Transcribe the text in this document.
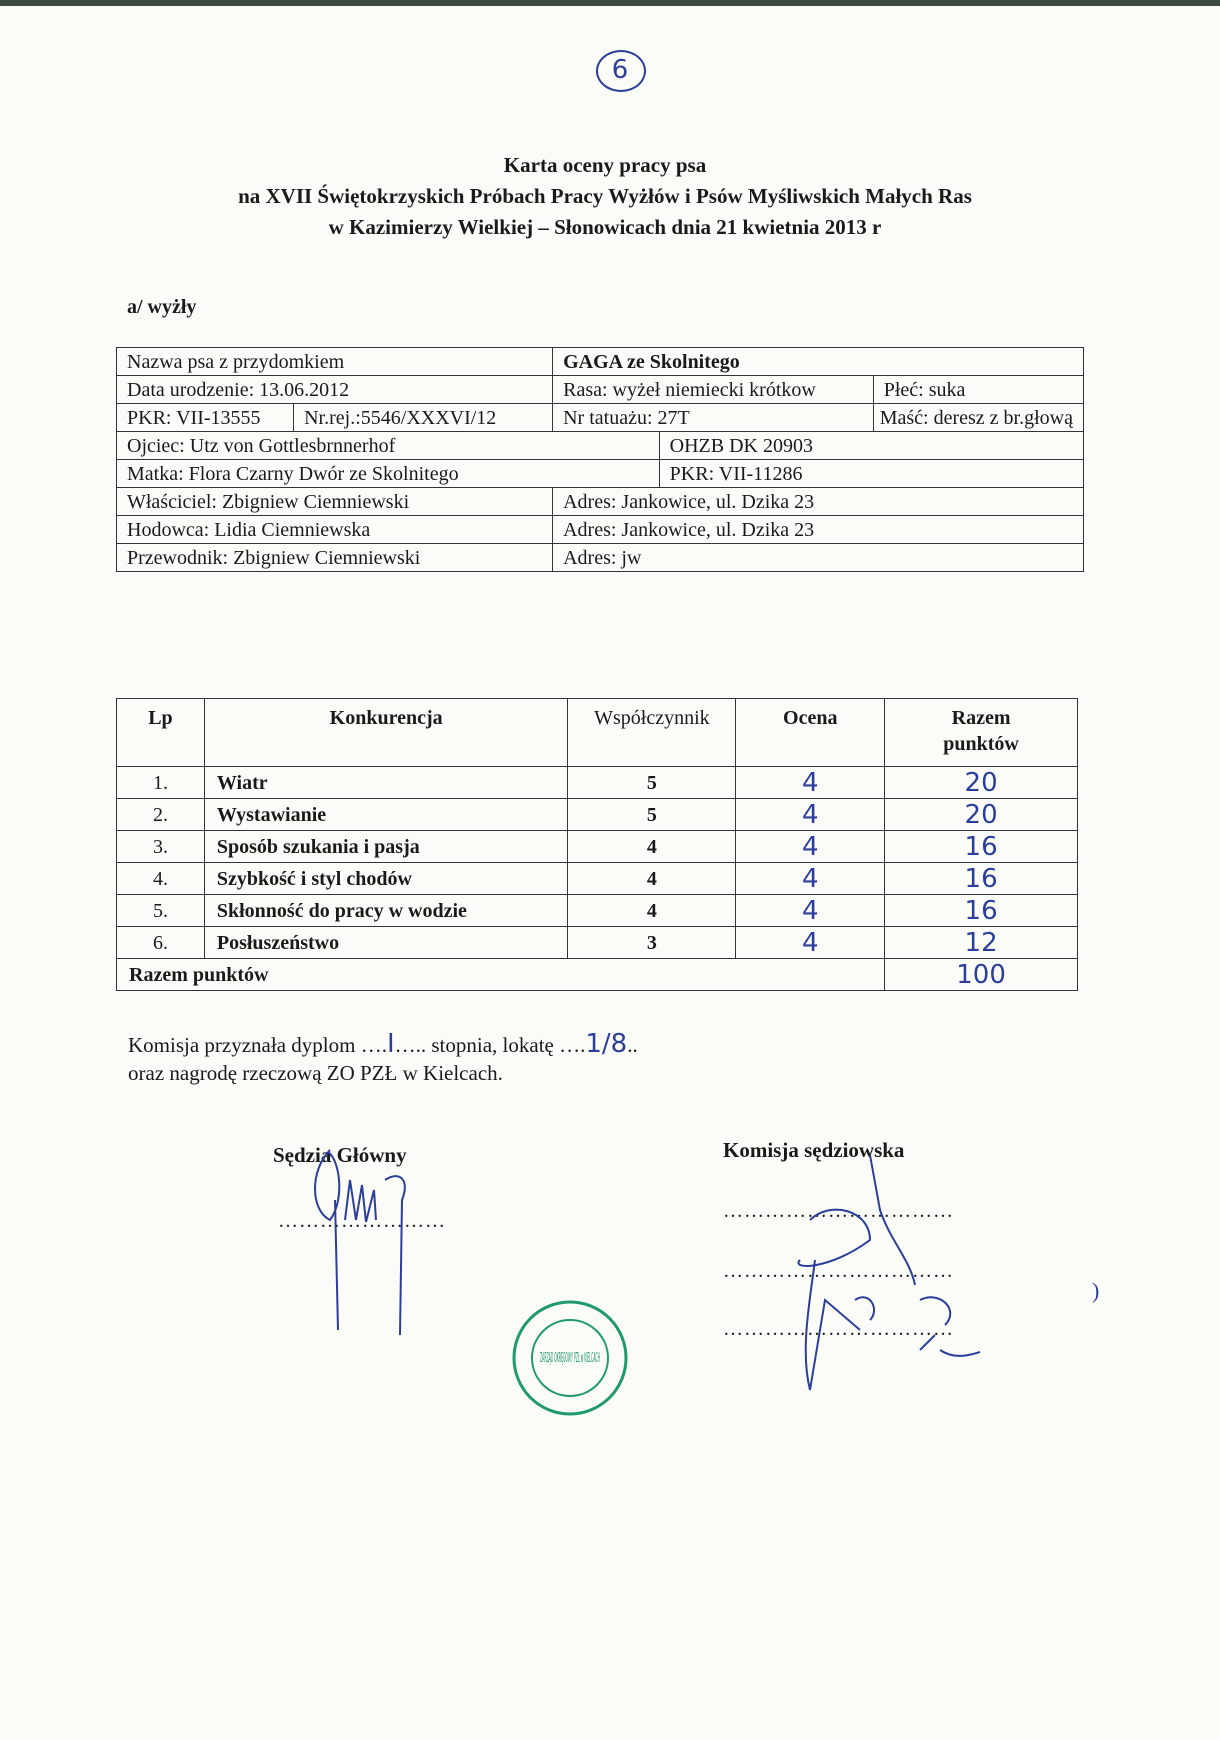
6
Karta oceny pracy psa
na XVII Świętokrzyskich Próbach Pracy Wyżłów i Psów Myśliwskich Małych Ras
w Kazimierzy Wielkiej – Słonowicach dnia 21 kwietnia 2013 r
a/ wyżły
Nazwa psa z przydomkiem		GAGA ze Skolnitego		
Data urodzenie: 13.06.2012		Rasa: wyżeł niemiecki krótkow		Płeć: suka
PKR: VII-13555	Nr.rej.:5546/XXXVI/12	Nr tatuażu: 27T		Maść: deresz z br.głową
Ojciec: Utz von Gottlesbrnnerhof			OHZB DK 20903	
Matka: Flora Czarny Dwór ze Skolnitego			PKR: VII-11286	
Właściciel: Zbigniew Ciemniewski		Adres: Jankowice, ul. Dzika 23		
Hodowca: Lidia Ciemniewska		Adres: Jankowice, ul. Dzika 23		
Przewodnik: Zbigniew Ciemniewski		Adres: jw		
Lp	Konkurencja	Współczynnik	Ocena	Razem
punktów
1.	Wiatr	5	4	20
2.	Wystawianie	5	4	20
3.	Sposób szukania i pasja	4	4	16
4.	Szybkość i styl chodów	4	4	16
5.	Skłonność do pracy w wodzie	4	4	16
6.	Posłuszeństwo	3	4	12
Razem punktów				100
Komisja przyznała dyplom ….I….. stopnia, lokatę ….1/8..
oraz nagrodę rzeczową ZO PZŁ w Kielcach.
Sędzia Główny
……………………
Komisja sędziowska
……………………………
……………………………
……………………………
)
ZARZĄD OKRĘGOWY PZŁ w KIELCACH
